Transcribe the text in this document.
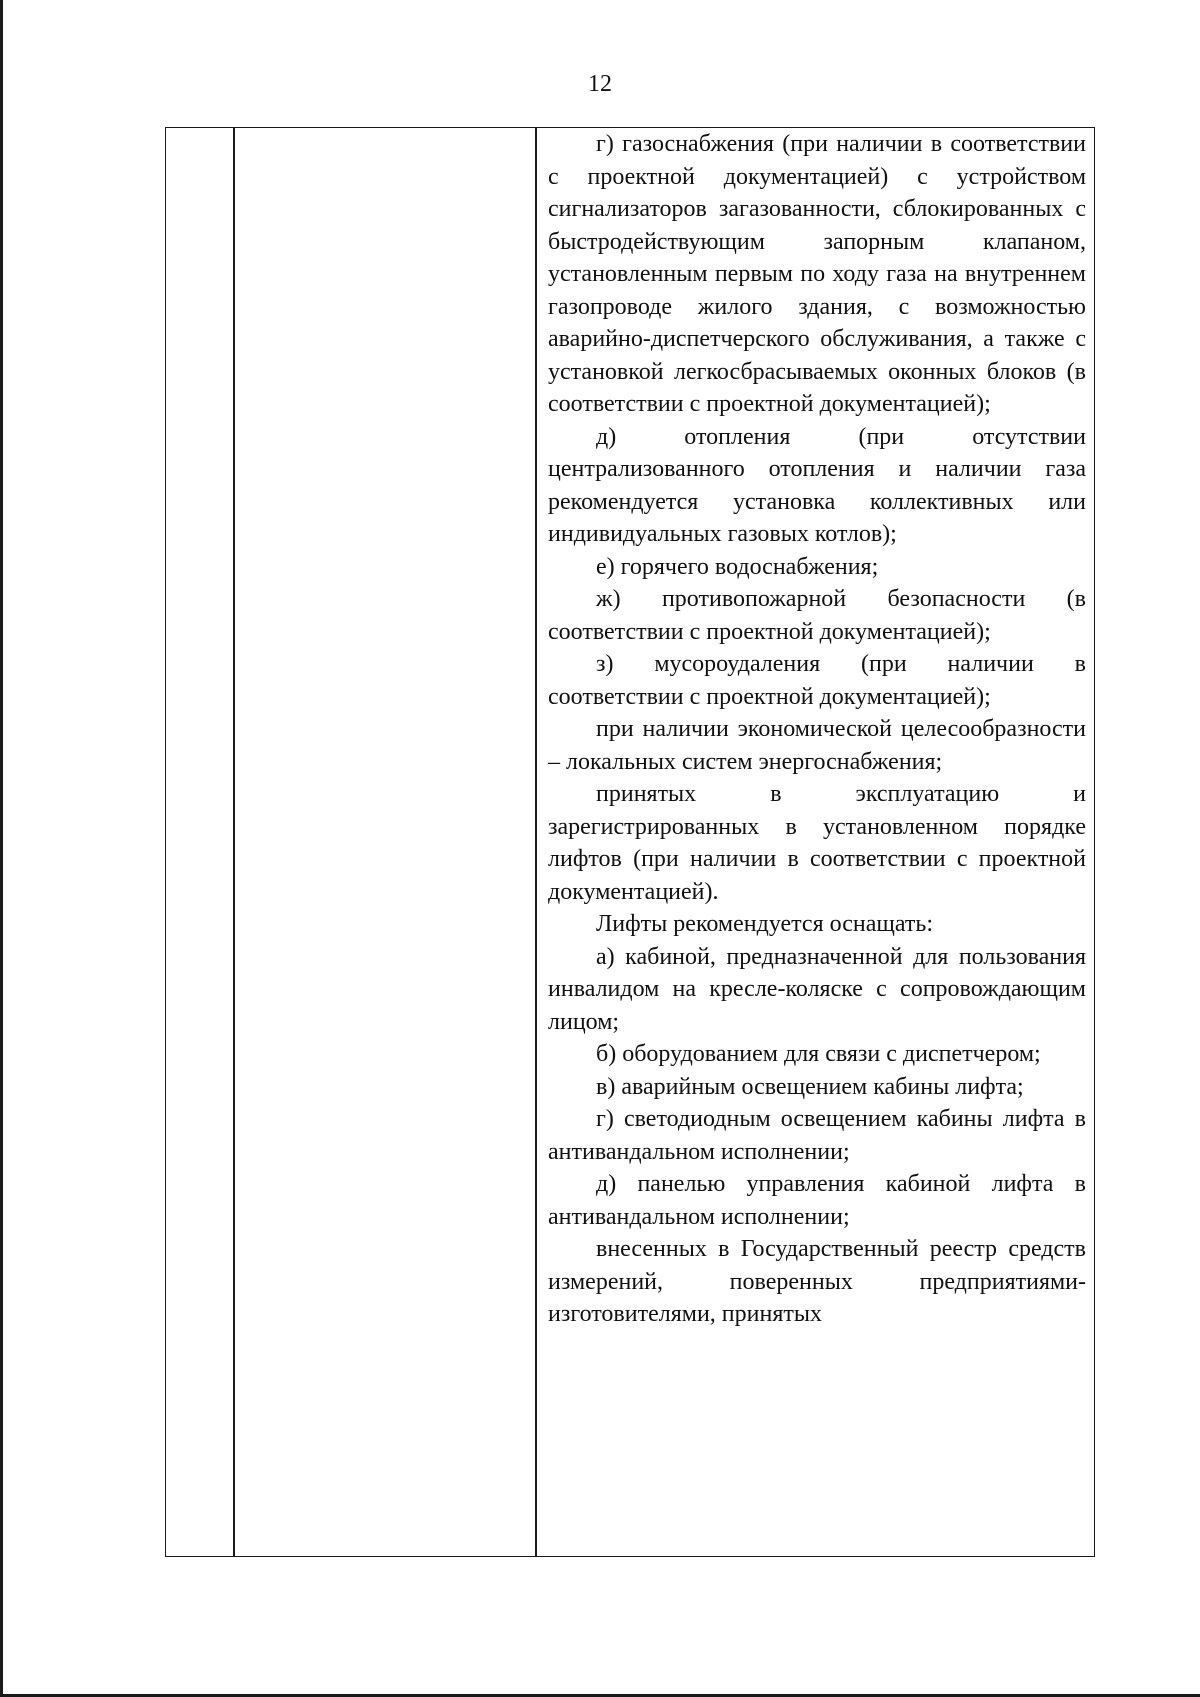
12

г) газоснабжения (при наличии в соответствии с проектной документацией) с устройством сигнализаторов загазованности, сблокированных с быстродействующим запорным клапаном, установленным первым по ходу газа на внутреннем газопроводе жилого здания, с возможностью аварийно-диспетчерского обслуживания, а также с установкой легкосбрасываемых оконных блоков (в соответствии с проектной документацией);

д) отопления (при отсутствии централизованного отопления и наличии газа рекомендуется установка коллективных или индивидуальных газовых котлов);

е) горячего водоснабжения;

ж) противопожарной безопасности (в соответствии с проектной документацией);

з) мусороудаления (при наличии в соответствии с проектной документацией);

при наличии экономической целесообразности – локальных систем энергоснабжения;

принятых в эксплуатацию и зарегистрированных в установленном порядке лифтов (при наличии в соответствии с проектной документацией).

Лифты рекомендуется оснащать:

а) кабиной, предназначенной для пользования инвалидом на кресле-коляске с сопровождающим лицом;

б) оборудованием для связи с диспетчером;

в) аварийным освещением кабины лифта;

г) светодиодным освещением кабины лифта в антивандальном исполнении;

д) панелью управления кабиной лифта в антивандальном исполнении;

внесенных в Государственный реестр средств измерений, поверенных предприятиями-изготовителями, принятых
